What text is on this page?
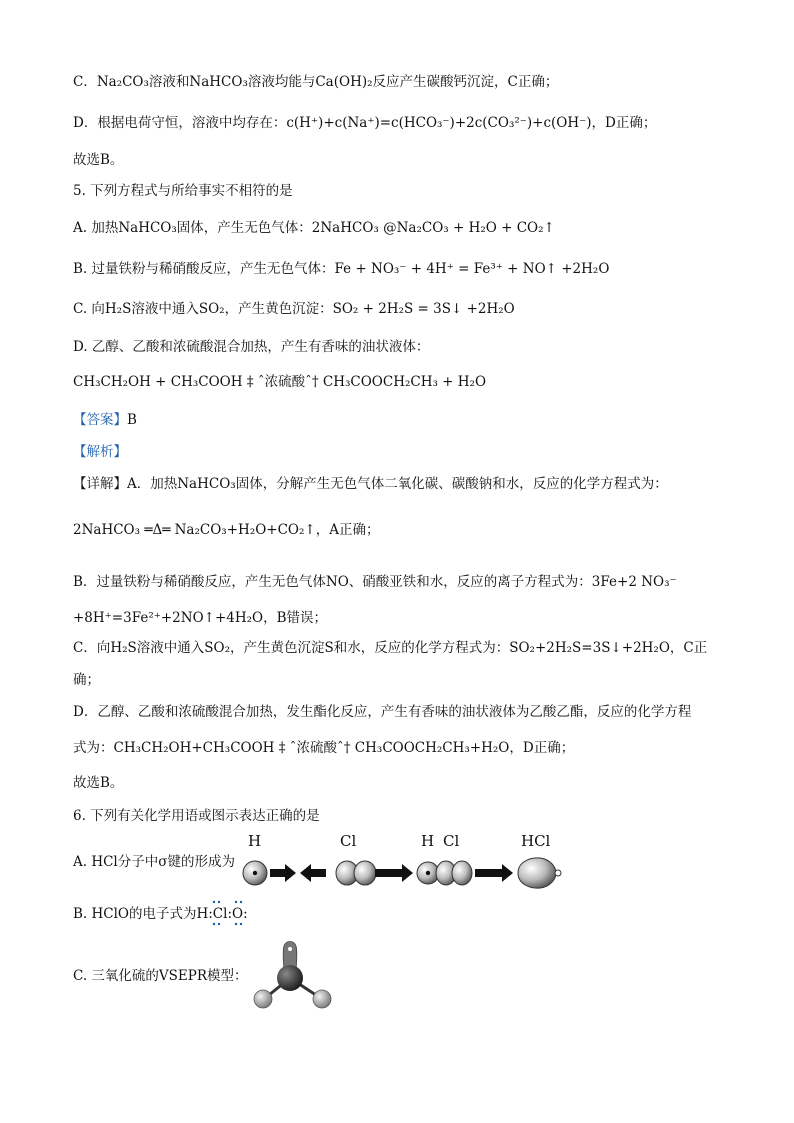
C．Na₂CO₃溶液和NaHCO₃溶液均能与Ca(OH)₂反应产生碳酸钙沉淀，C正确；
D．根据电荷守恒，溶液中均存在：c(H⁺)+c(Na⁺)=c(HCO₃⁻)+2c(CO₃²⁻)+c(OH⁻)，D正确；
故选B。
5. 下列方程式与所给事实不相符的是
A. 加热NaHCO₃固体，产生无色气体：2NaHCO₃ @Na₂CO₃ + H₂O + CO₂↑
B. 过量铁粉与稀硝酸反应，产生无色气体：Fe + NO₃⁻ + 4H⁺ = Fe³⁺ + NO↑ +2H₂O
C. 向H₂S溶液中通入SO₂，产生黄色沉淀：SO₂ + 2H₂S = 3S↓ +2H₂O
D. 乙醇、乙酸和浓硫酸混合加热，产生有香味的油状液体：
CH₃CH₂OH + CH₃COOH ‡ ˆ浓硫酸ˆ† CH₃COOCH₂CH₃ + H₂O
【答案】B
【解析】
【详解】A．加热NaHCO₃固体，分解产生无色气体二氧化碳、碳酸钠和水，反应的化学方程式为：
2NaHCO₃ ═Δ═ Na₂CO₃+H₂O+CO₂↑，A正确；
B．过量铁粉与稀硝酸反应，产生无色气体NO、硝酸亚铁和水，反应的离子方程式为：3Fe+2 NO₃⁻
+8H⁺=3Fe²⁺+2NO↑+4H₂O，B错误；
C．向H₂S溶液中通入SO₂，产生黄色沉淀S和水，反应的化学方程式为：SO₂+2H₂S=3S↓+2H₂O，C正
确；
D．乙醇、乙酸和浓硫酸混合加热，发生酯化反应，产生有香味的油状液体为乙酸乙酯，反应的化学方程
式为：CH₃CH₂OH+CH₃COOH ‡ ˆ浓硫酸ˆ† CH₃COOCH₂CH₃+H₂O，D正确；
故选B。
6. 下列有关化学用语或图示表达正确的是
A. HCl分子中σ键的形成为
B. HClO的电子式为H:Cl:O:
C. 三氧化硫的VSEPR模型：
H	Cl	H Cl	HCl
